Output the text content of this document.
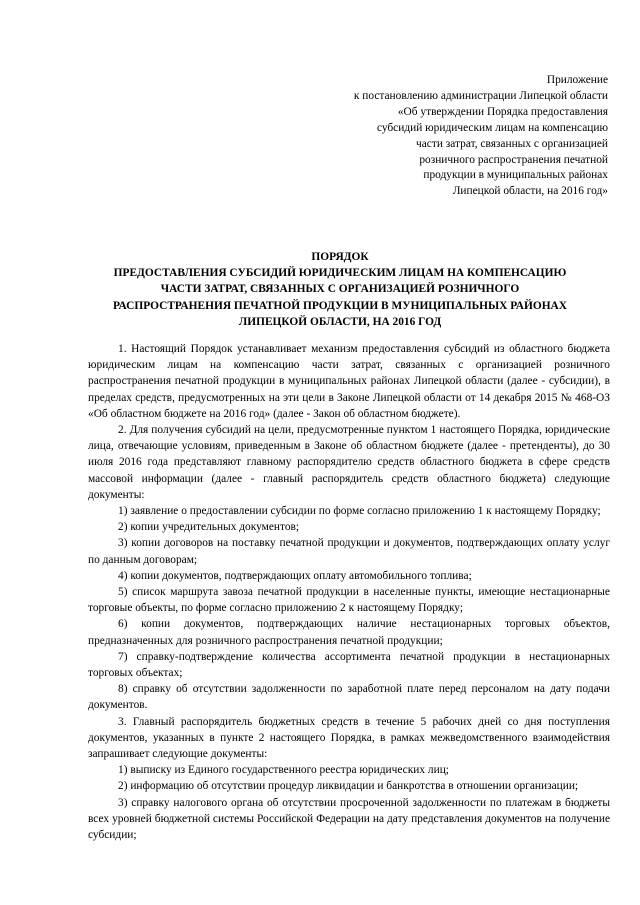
Приложение
к постановлению администрации Липецкой области
«Об утверждении Порядка предоставления
субсидий юридическим лицам на компенсацию
части затрат, связанных с организацией
розничного распространения печатной
продукции в муниципальных районах
Липецкой области, на 2016 год»
ПОРЯДОК
ПРЕДОСТАВЛЕНИЯ СУБСИДИЙ ЮРИДИЧЕСКИМ ЛИЦАМ НА КОМПЕНСАЦИЮ
ЧАСТИ ЗАТРАТ, СВЯЗАННЫХ С ОРГАНИЗАЦИЕЙ РОЗНИЧНОГО
РАСПРОСТРАНЕНИЯ ПЕЧАТНОЙ ПРОДУКЦИИ В МУНИЦИПАЛЬНЫХ РАЙОНАХ
ЛИПЕЦКОЙ ОБЛАСТИ, НА 2016 ГОД

1. Настоящий Порядок устанавливает механизм предоставления субсидий из областного бюджета юридическим лицам на компенсацию части затрат, связанных с организацией розничного распространения печатной продукции в муниципальных районах Липецкой области (далее - субсидии), в пределах средств, предусмотренных на эти цели в Законе Липецкой области от 14 декабря 2015 № 468-ОЗ «Об областном бюджете на 2016 год» (далее - Закон об областном бюджете).

2. Для получения субсидий на цели, предусмотренные пунктом 1 настоящего Порядка, юридические лица, отвечающие условиям, приведенным в Законе об областном бюджете (далее - претенденты), до 30 июля 2016 года представляют главному распорядителю средств областного бюджета в сфере средств массовой информации (далее - главный распорядитель средств областного бюджета) следующие документы:

1) заявление о предоставлении субсидии по форме согласно приложению 1 к настоящему Порядку;

2) копии учредительных документов;

3) копии договоров на поставку печатной продукции и документов, подтверждающих оплату услуг по данным договорам;

4) копии документов, подтверждающих оплату автомобильного топлива;

5) список маршрута завоза печатной продукции в населенные пункты, имеющие нестационарные торговые объекты, по форме согласно приложению 2 к настоящему Порядку;

6) копии документов, подтверждающих наличие нестационарных торговых объектов, предназначенных для розничного распространения печатной продукции;

7) справку-подтверждение количества ассортимента печатной продукции в нестационарных торговых объектах;

8) справку об отсутствии задолженности по заработной плате перед персоналом на дату подачи документов.

3. Главный распорядитель бюджетных средств в течение 5 рабочих дней со дня поступления документов, указанных в пункте 2 настоящего Порядка, в рамках межведомственного взаимодействия запрашивает следующие документы:

1) выписку из Единого государственного реестра юридических лиц;

2) информацию об отсутствии процедур ликвидации и банкротства в отношении организации;

3) справку налогового органа об отсутствии просроченной задолженности по платежам в бюджеты всех уровней бюджетной системы Российской Федерации на дату представления документов на получение субсидии;
